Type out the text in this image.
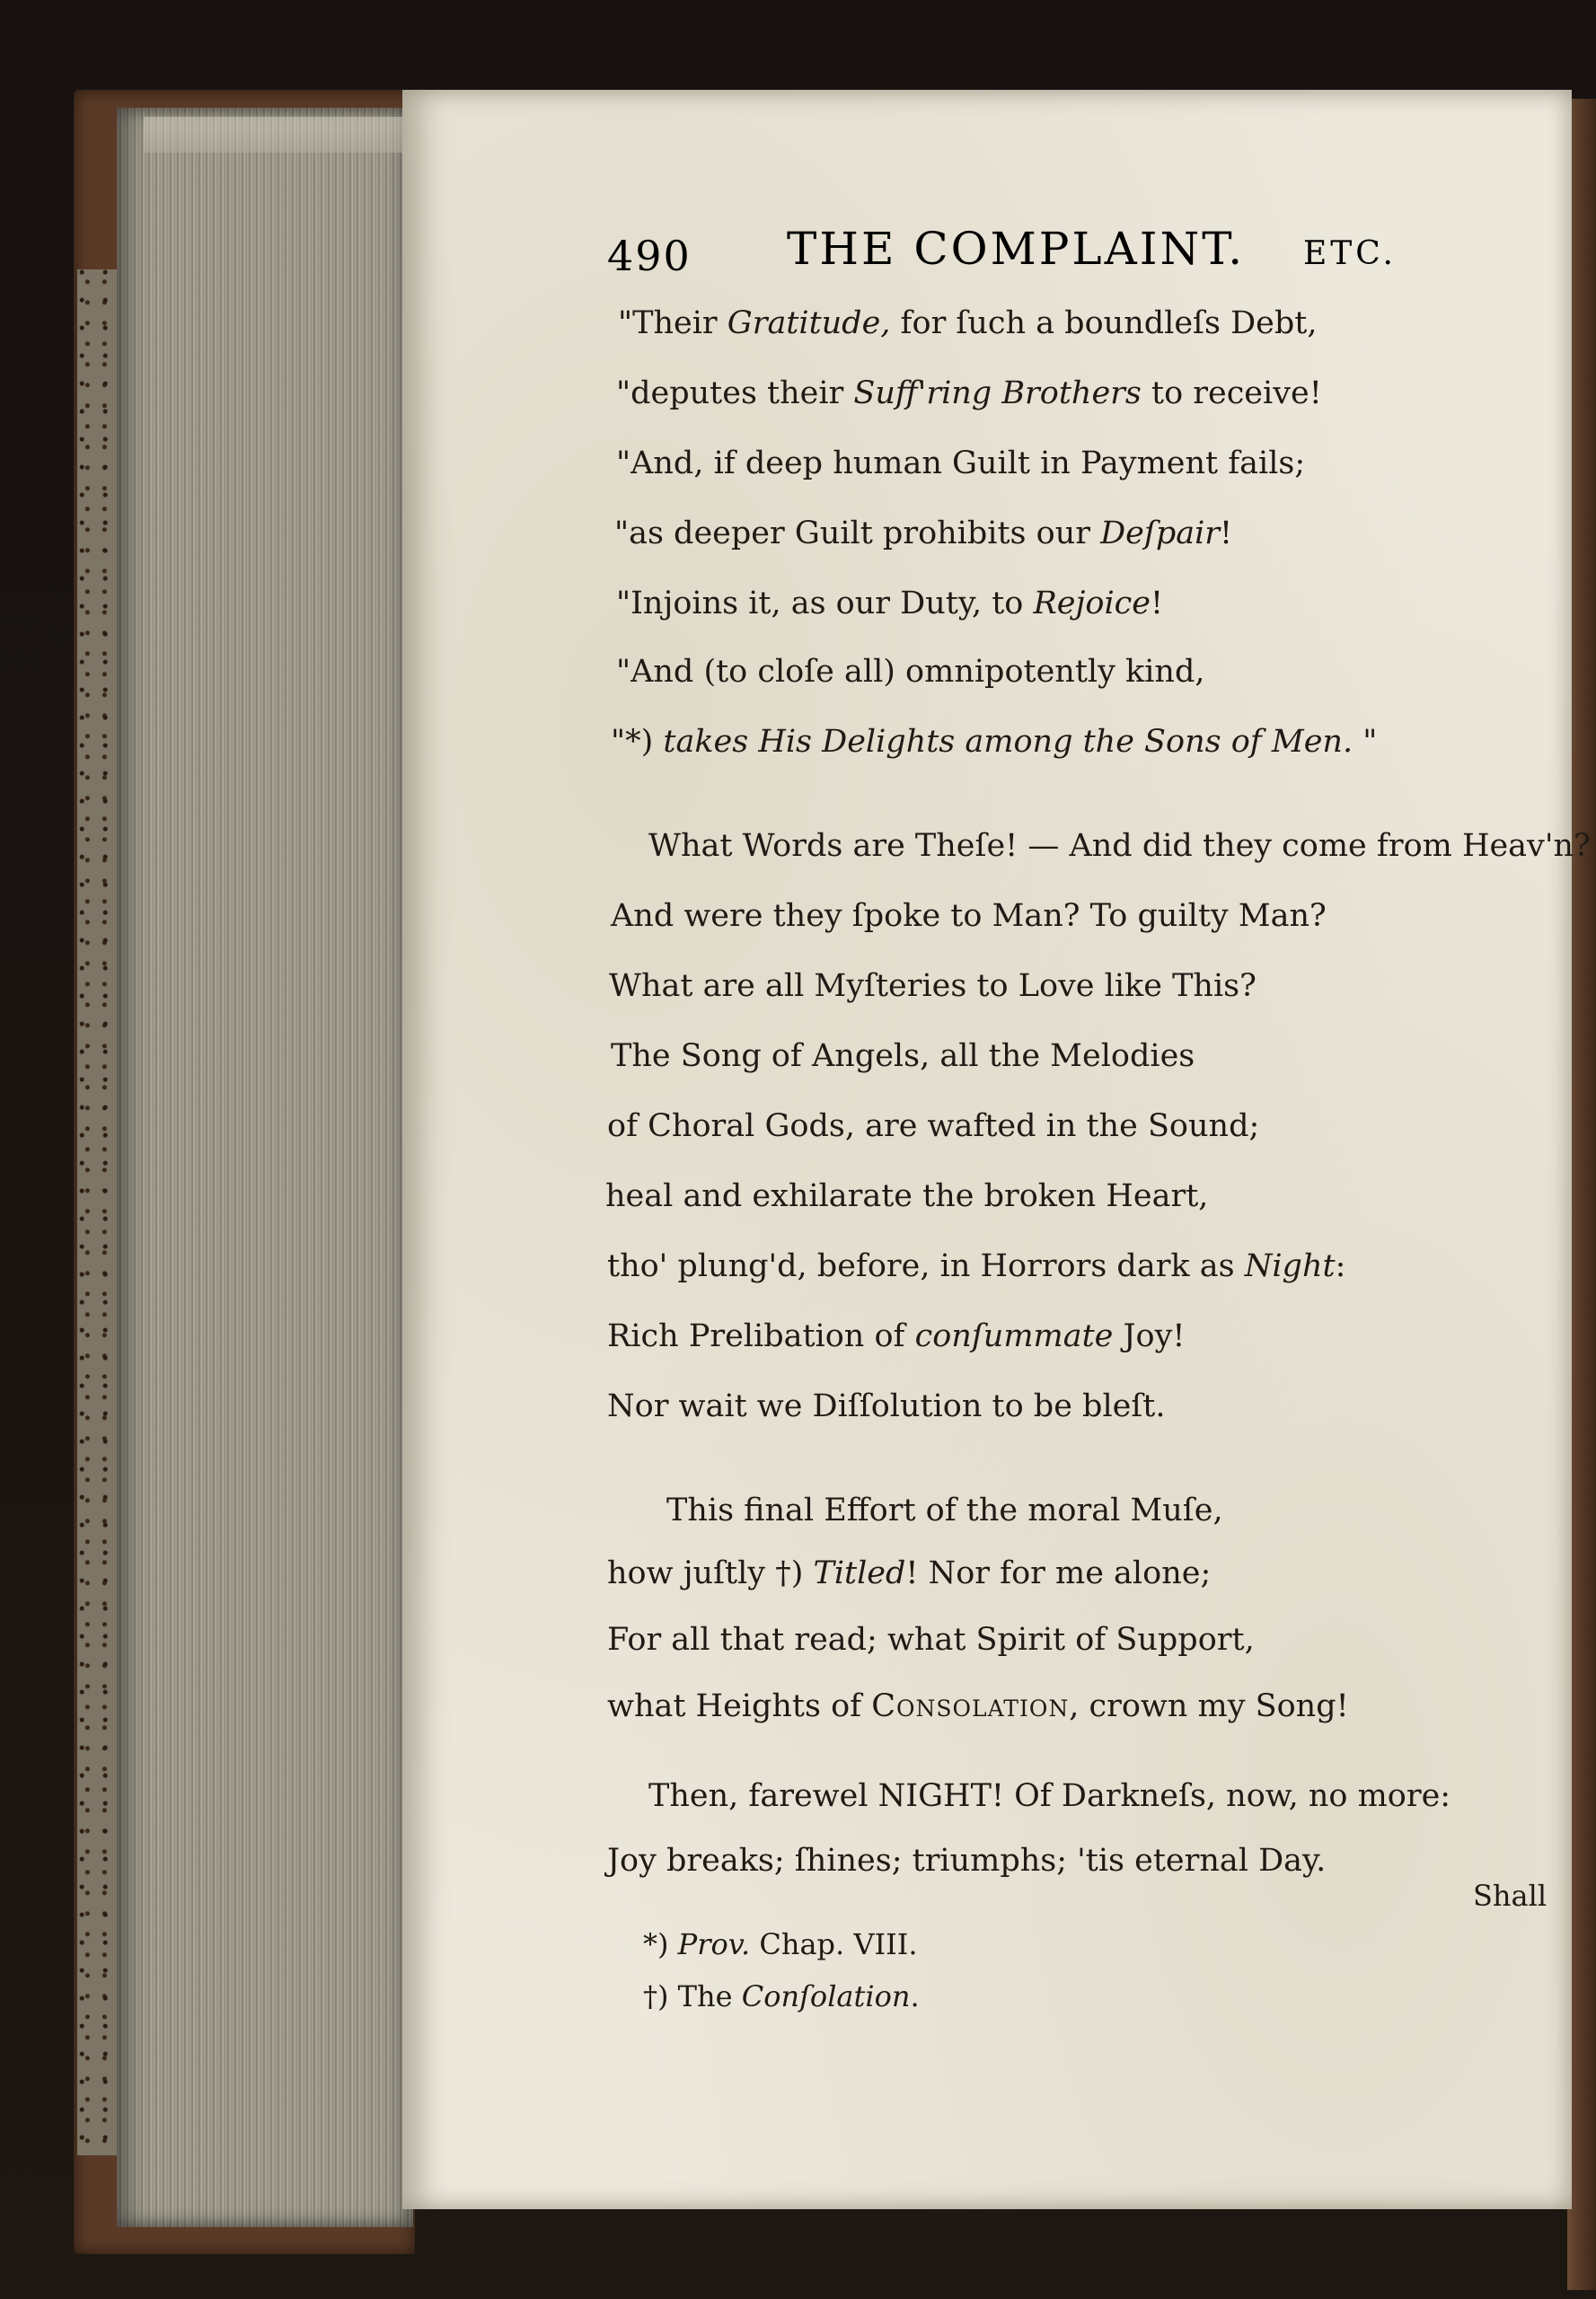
490 THE COMPLAINT. ETC.
"Their Gratitude, for ſuch a boundleſs Debt,
"deputes their Suff'ring Brothers to receive!
"And, if deep human Guilt in Payment fails;
"as deeper Guilt prohibits our Deſpair!
"Injoins it, as our Duty, to Rejoice!
"And (to cloſe all) omnipotently kind,
"*) takes His Delights among the Sons of Men. "
What Words are Theſe! — And did they come from Heav'n?
And were they ſpoke to Man? To guilty Man?
What are all Myſteries to Love like This?
The Song of Angels, all the Melodies
of Choral Gods, are wafted in the Sound;
heal and exhilarate the broken Heart,
tho' plung'd, before, in Horrors dark as Night:
Rich Prelibation of conſummate Joy!
Nor wait we Diſſolution to be bleſt.
This final Effort of the moral Muſe,
how juſtly †) Titled! Nor for me alone;
For all that read; what Spirit of Support,
what Heights of Consolation, crown my Song!
Then, farewel NIGHT! Of Darkneſs, now, no more:
Joy breaks; ſhines; triumphs; 'tis eternal Day.
Shall
*) Prov. Chap. VIII.
†) The Conſolation.
